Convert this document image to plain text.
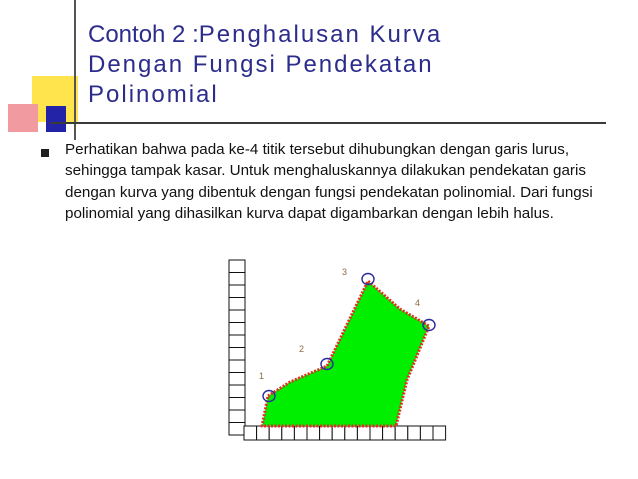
Contoh 2 :Penghalusan Kurva
Dengan Fungsi Pendekatan
Polinomial
Perhatikan bahwa pada ke-4 titik tersebut dihubungkan dengan garis lurus, sehingga tampak kasar. Untuk menghaluskannya dilakukan pendekatan garis dengan kurva yang dibentuk dengan fungsi pendekatan polinomial. Dari fungsi polinomial yang dihasilkan kurva dapat digambarkan dengan lebih halus.
1
2
3
4
